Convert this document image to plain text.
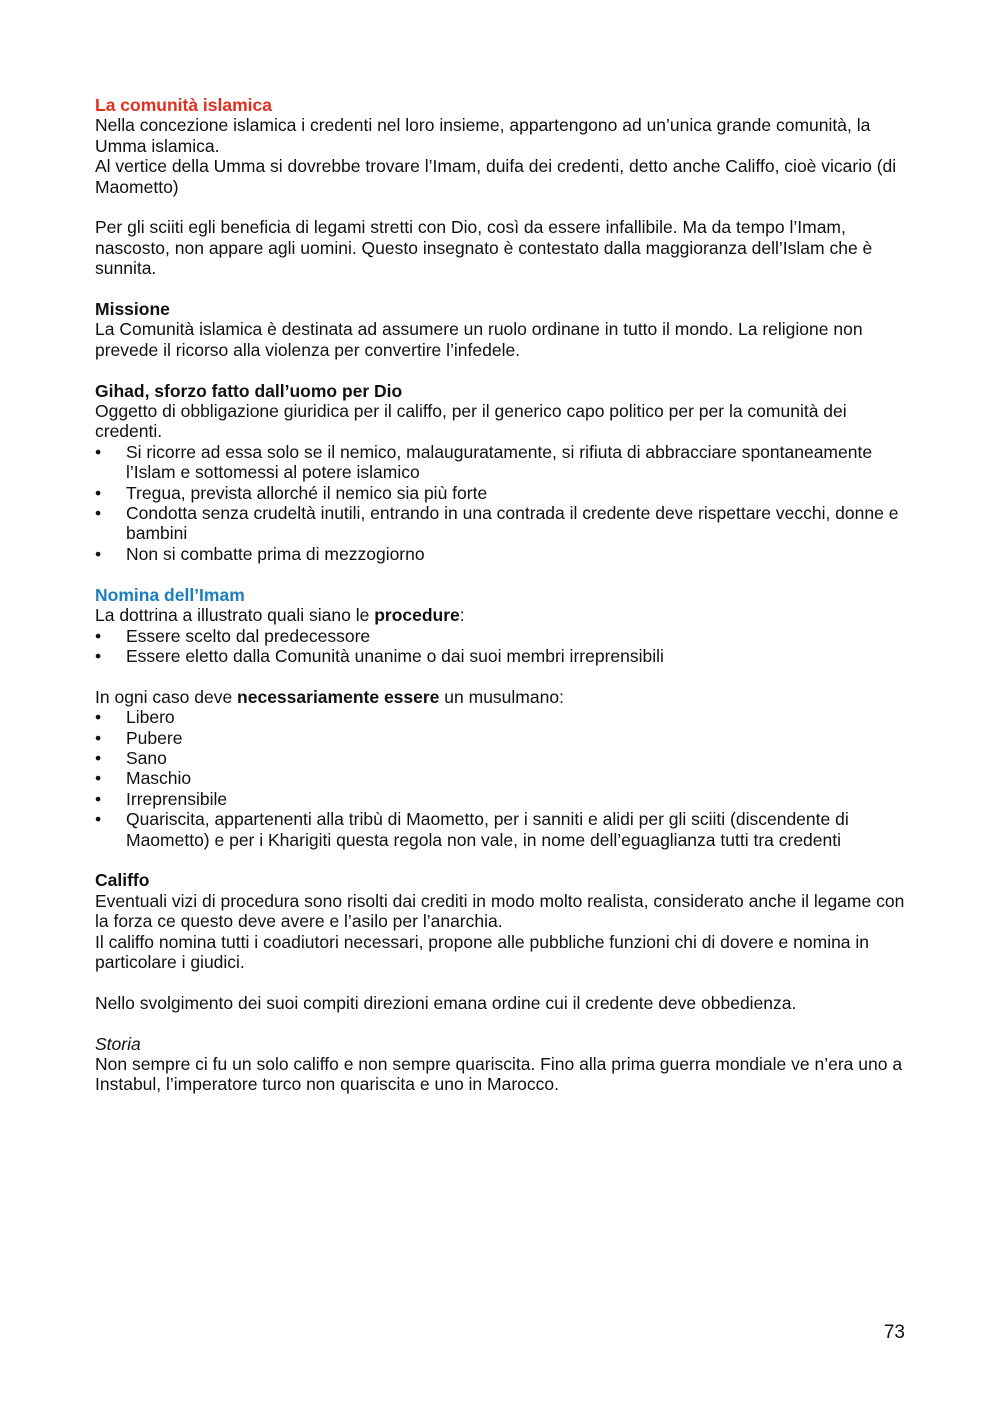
La comunità islamica

Nella concezione islamica i credenti nel loro insieme, appartengono ad un’unica grande comunità, la Umma islamica.

Al vertice della Umma si dovrebbe trovare l’Imam, duifa dei credenti, detto anche Califfo, cioè vicario (di Maometto)

Per gli sciiti egli beneficia di legami stretti con Dio, così da essere infallibile. Ma da tempo l’Imam, nascosto, non appare agli uomini. Questo insegnato è contestato dalla maggioranza dell’Islam che è sunnita.

Missione

La Comunità islamica è destinata ad assumere un ruolo ordinane in tutto il mondo. La religione non prevede il ricorso alla violenza per convertire l’infedele.

Gihad, sforzo fatto dall’uomo per Dio

Oggetto di obbligazione giuridica per il califfo, per il generico capo politico per per la comunità dei credenti.

• Si ricorre ad essa solo se il nemico, malauguratamente, si rifiuta di abbracciare spontaneamente l’Islam e sottomessi al potere islamico
• Tregua, prevista allorché il nemico sia più forte
• Condotta senza crudeltà inutili, entrando in una contrada il credente deve rispettare vecchi, donne e bambini
• Non si combatte prima di mezzogiorno

Nomina dell’Imam

La dottrina a illustrato quali siano le procedure:

• Essere scelto dal predecessore
• Essere eletto dalla Comunità unanime o dai suoi membri irreprensibili

In ogni caso deve necessariamente essere un musulmano:

• Libero
• Pubere
• Sano
• Maschio
• Irreprensibile
• Quariscita, appartenenti alla tribù di Maometto, per i sanniti e alidi per gli sciiti (discendente di Maometto) e per i Kharigiti questa regola non vale, in nome dell’eguaglianza tutti tra credenti

Califfo

Eventuali vizi di procedura sono risolti dai crediti in modo molto realista, considerato anche il legame con la forza ce questo deve avere e l’asilo per l’anarchia.

Il califfo nomina tutti i coadiutori necessari, propone alle pubbliche funzioni chi di dovere e nomina in particolare i giudici.

Nello svolgimento dei suoi compiti direzioni emana ordine cui il credente deve obbedienza.

Storia

Non sempre ci fu un solo califfo e non sempre quariscita. Fino alla prima guerra mondiale ve n’era uno a Instabul, l’imperatore turco non quariscita e uno in Marocco.

73
